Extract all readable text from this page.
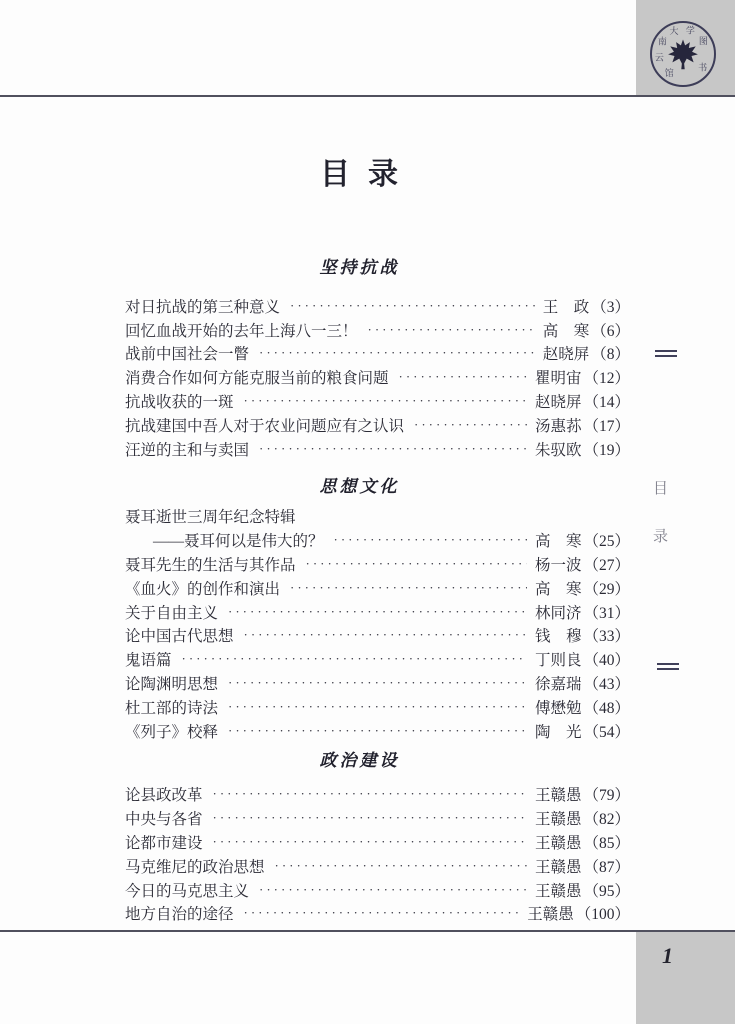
云
南
大 学
图
书
馆
目  录
坚持抗战
对日抗战的第三种意义 ·····	王　政 （3）
回忆血战开始的去年上海八一三！ ·····	高　寒 （6）
战前中国社会一瞥 ·····	赵晓屏 （8）
消费合作如何方能克服当前的粮食问题 ·····	瞿明宙 （12）
抗战收获的一斑 ·····	赵晓屏 （14）
抗战建国中吾人对于农业问题应有之认识 ·····	汤惠荪 （17）
汪逆的主和与卖国 ·····	朱驭欧 （19）
思想文化
聂耳逝世三周年纪念特辑
——聂耳何以是伟大的？ ·····	高　寒 （25）
聂耳先生的生活与其作品 ·····	杨一波 （27）
《血火》的创作和演出 ·····	高　寒 （29）
关于自由主义 ·····	林同济 （31）
论中国古代思想 ·····	钱　穆 （33）
鬼语篇 ·····	丁则良 （40）
论陶渊明思想 ·····	徐嘉瑞 （43）
杜工部的诗法 ·····	傅懋勉 （48）
《列子》校释 ·····	陶　光 （54）
政治建设
论县政改革 ·····	王赣愚 （79）
中央与各省 ·····	王赣愚 （82）
论都市建设 ·····	王赣愚 （85）
马克维尼的政治思想 ·····	王赣愚 （87）
今日的马克思主义 ·····	王赣愚 （95）
地方自治的途径 ·····	王赣愚 （100）
目
录
1
